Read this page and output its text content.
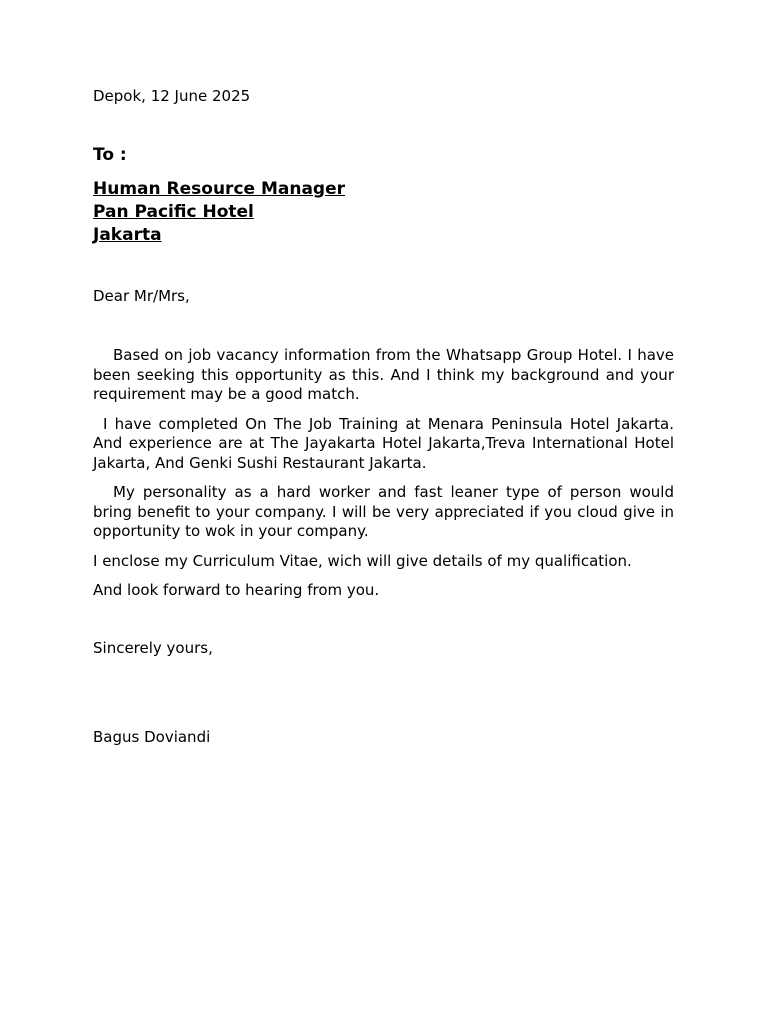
Depok, 12 June 2025

To :

Human Resource Manager
Pan Pacific Hotel
Jakarta

Dear Mr/Mrs,

Based on job vacancy information from the Whatsapp Group Hotel. I have been seeking this opportunity as this. And I think my background and your requirement may be a good match.

I have completed On The Job Training at Menara Peninsula Hotel Jakarta. And experience are at The Jayakarta Hotel Jakarta,Treva International Hotel Jakarta, And Genki Sushi Restaurant Jakarta.

My personality as a hard worker and fast leaner type of person would bring benefit to your company. I will be very appreciated if you cloud give in opportunity to wok in your company.

I enclose my Curriculum Vitae, wich will give details of my qualification.

And look forward to hearing from you.

Sincerely yours,

Bagus Doviandi
